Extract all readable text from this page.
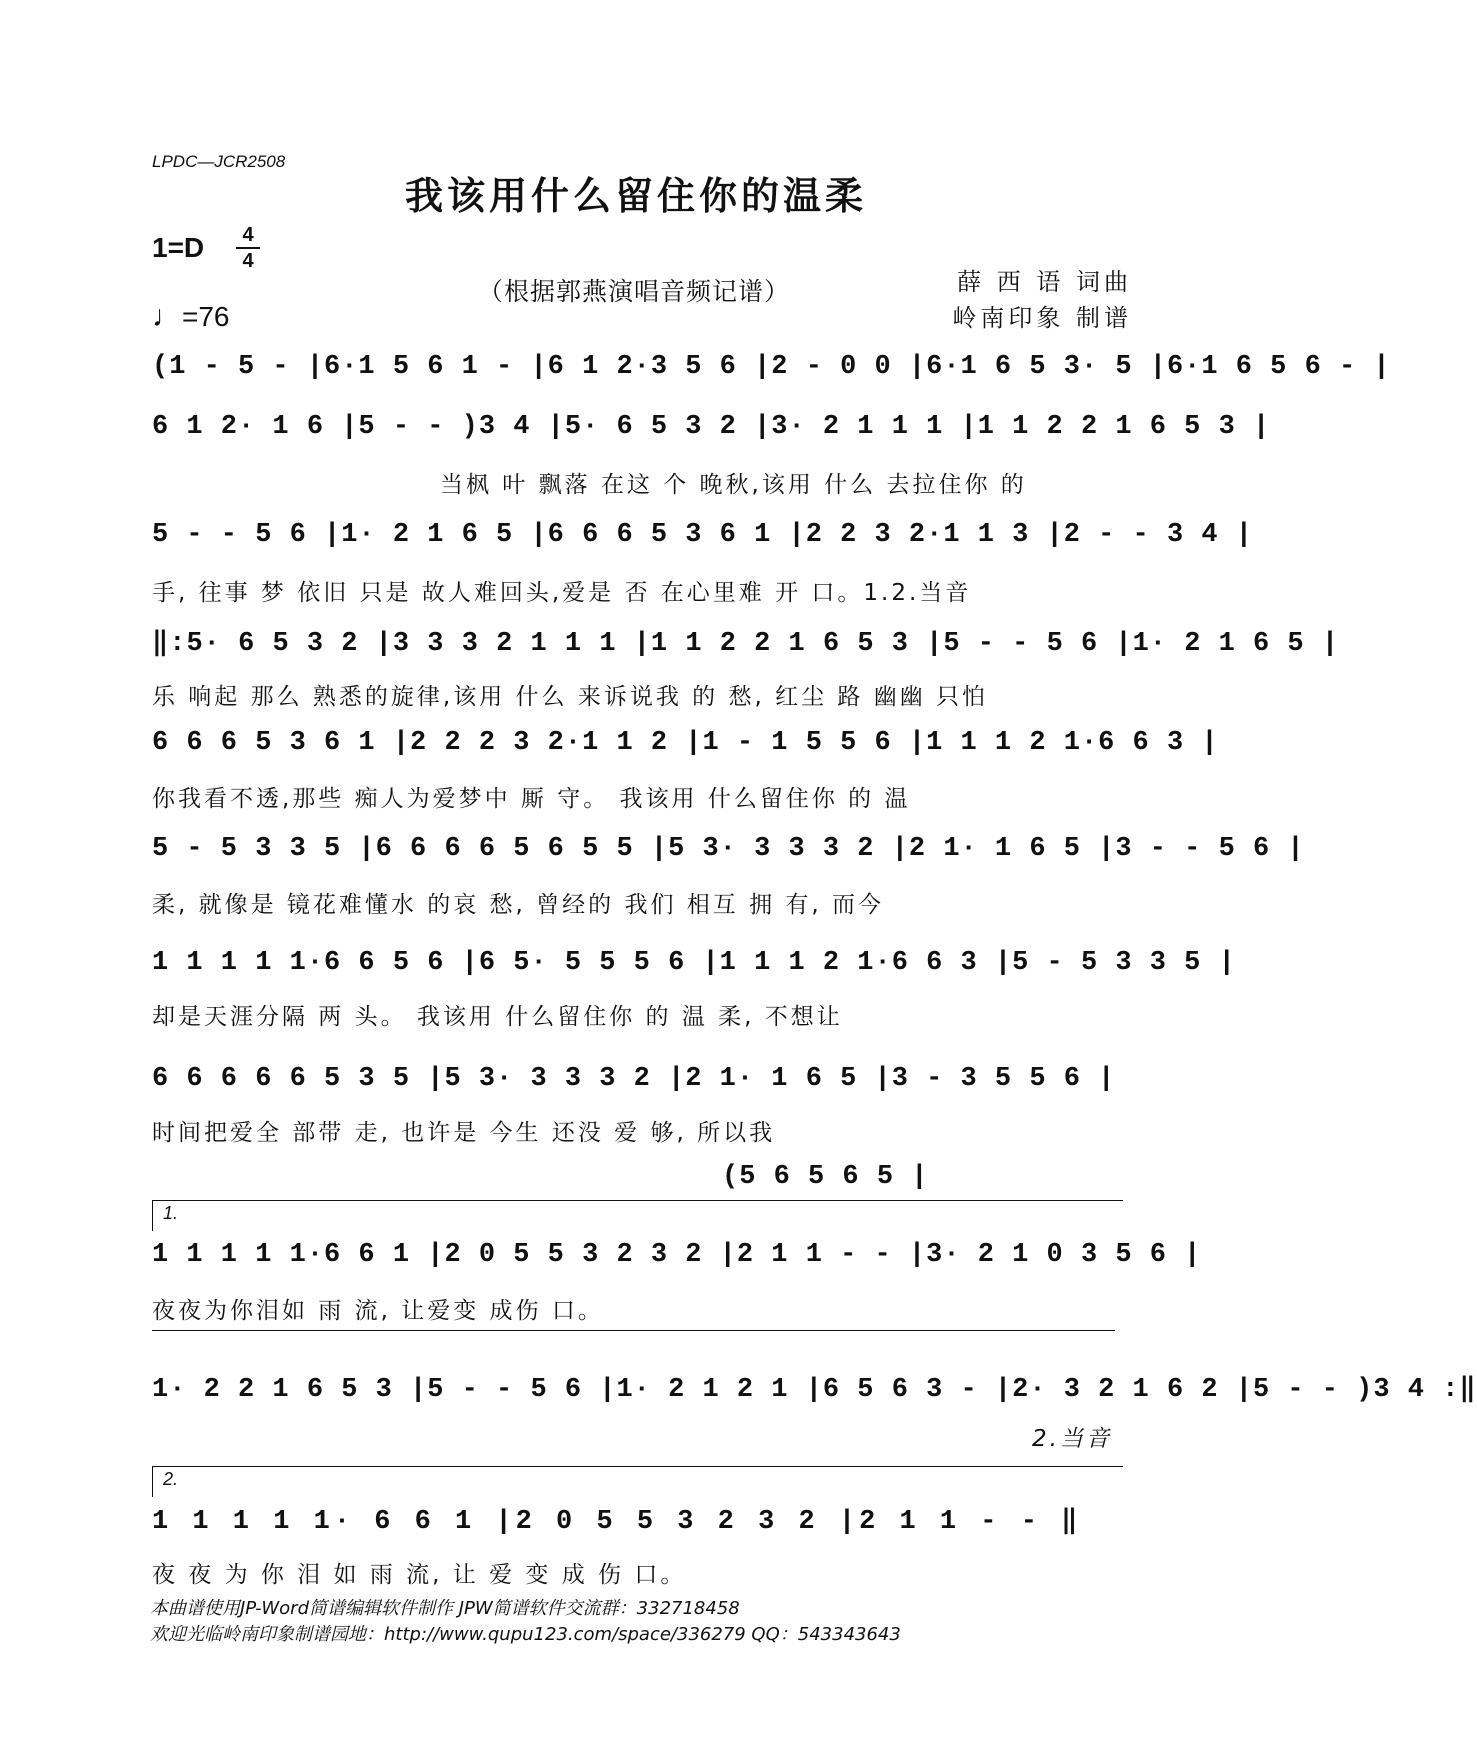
LPDC—JCR2508
我该用什么留住你的温柔
1=D	4
4
♩=76
（根据郭燕演唱音频记谱）	薛 西 语 词曲
岭南印象 制谱
(1 - 5 - |6·1 5 6 1 - |6 1 2·3 5 6 |2 - 0 0 |6·1 6 5 3· 5 |6·1 6 5 6 - |
6 1 2· 1 6 |5 - - )3 4 |5· 6 5 3 2 |3· 2 1 1 1 |1 1 2 2 1 6 5 3 |
当枫 叶 飘落 在这 个 晚秋,该用 什么 去拉住你 的
5 - - 5 6 |1· 2 1 6 5 |6 6 6 5 3 6 1 |2 2 3 2·1 1 3 |2 - - 3 4 |
手, 往事 梦 依旧 只是 故人难回头,爱是 否 在心里难 开 口。1.2.当音
‖:5· 6 5 3 2 |3 3 3 2 1 1 1 |1 1 2 2 1 6 5 3 |5 - - 5 6 |1· 2 1 6 5 |
乐 响起 那么 熟悉的旋律,该用 什么 来诉说我 的 愁, 红尘 路 幽幽 只怕
6 6 6 5 3 6 1 |2 2 2 3 2·1 1 2 |1 - 1 5 5 6 |1 1 1 2 1·6 6 3 |
你我看不透,那些 痴人为爱梦中 厮 守。 我该用 什么留住你 的 温
5 - 5 3 3 5 |6 6 6 6 5 6 5 5 |5 3· 3 3 3 2 |2 1· 1 6 5 |3 - - 5 6 |
柔, 就像是 镜花难懂水 的哀 愁, 曾经的 我们 相互 拥 有, 而今
1 1 1 1 1·6 6 5 6 |6 5· 5 5 5 6 |1 1 1 2 1·6 6 3 |5 - 5 3 3 5 |
却是天涯分隔 两 头。 我该用 什么留住你 的 温 柔, 不想让
6 6 6 6 6 5 3 5 |5 3· 3 3 3 2 |2 1· 1 6 5 |3 - 3 5 5 6 |
时间把爱全 部带 走, 也许是 今生 还没 爱 够, 所以我
(5 6 5 6 5 |
1.
1 1 1 1 1·6 6 1 |2 0 5 5 3 2 3 2 |2 1 1 - - |3· 2 1 0 3 5 6 |
夜夜为你泪如 雨 流, 让爱变 成伤 口。
1· 2 2 1 6 5 3 |5 - - 5 6 |1· 2 1 2 1 |6 5 6 3 - |2· 3 2 1 6 2 |5 - - )3 4 :‖
2.当音
2.
1 1 1 1 1· 6 6 1 |2 0 5 5 3 2 3 2 |2 1 1 - - ‖
夜 夜 为 你 泪 如 雨 流, 让 爱 变 成 伤 口。
本曲谱使用JP-Word简谱编辑软件制作 JPW简谱软件交流群：332718458
欢迎光临岭南印象制谱园地：http://www.qupu123.com/space/336279 QQ：543343643
